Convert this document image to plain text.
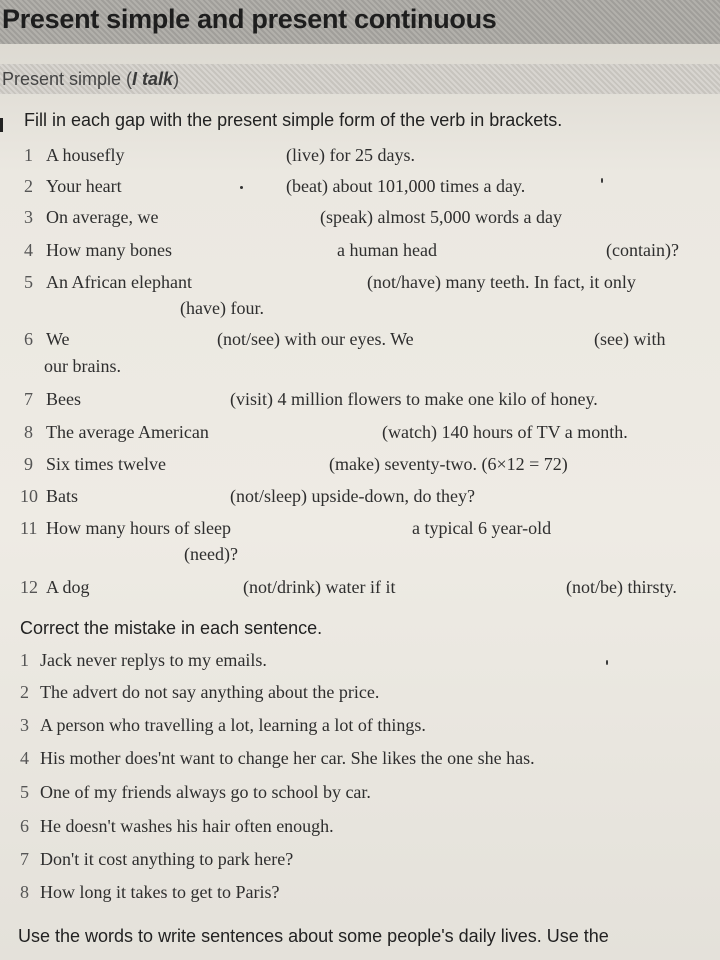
Present simple and present continuous
Present simple (I talk)
Fill in each gap with the present simple form of the verb in brackets.
1 A housefly	(live) for 25 days.
2 Your heart	(beat) about 101,000 times a day.
3 On average, we	(speak) almost 5,000 words a day
4 How many bones	a human head	(contain)?
5 An African elephant	(not/have) many teeth. In fact, it only
(have) four.
6 We	(not/see) with our eyes. We	(see) with
our brains.
7 Bees	(visit) 4 million flowers to make one kilo of honey.
8 The average American	(watch) 140 hours of TV a month.
9 Six times twelve	(make) seventy-two. (6×12 = 72)
10 Bats	(not/sleep) upside-down, do they?
11 How many hours of sleep	a typical 6 year-old
(need)?
12 A dog	(not/drink) water if it	(not/be) thirsty.
Correct the mistake in each sentence.
1 Jack never replys to my emails.
2 The advert do not say anything about the price.
3 A person who travelling a lot, learning a lot of things.
4 His mother does'nt want to change her car. She likes the one she has.
5 One of my friends always go to school by car.
6 He doesn't washes his hair often enough.
7 Don't it cost anything to park here?
8 How long it takes to get to Paris?
Use the words to write sentences about some people's daily lives. Use the
